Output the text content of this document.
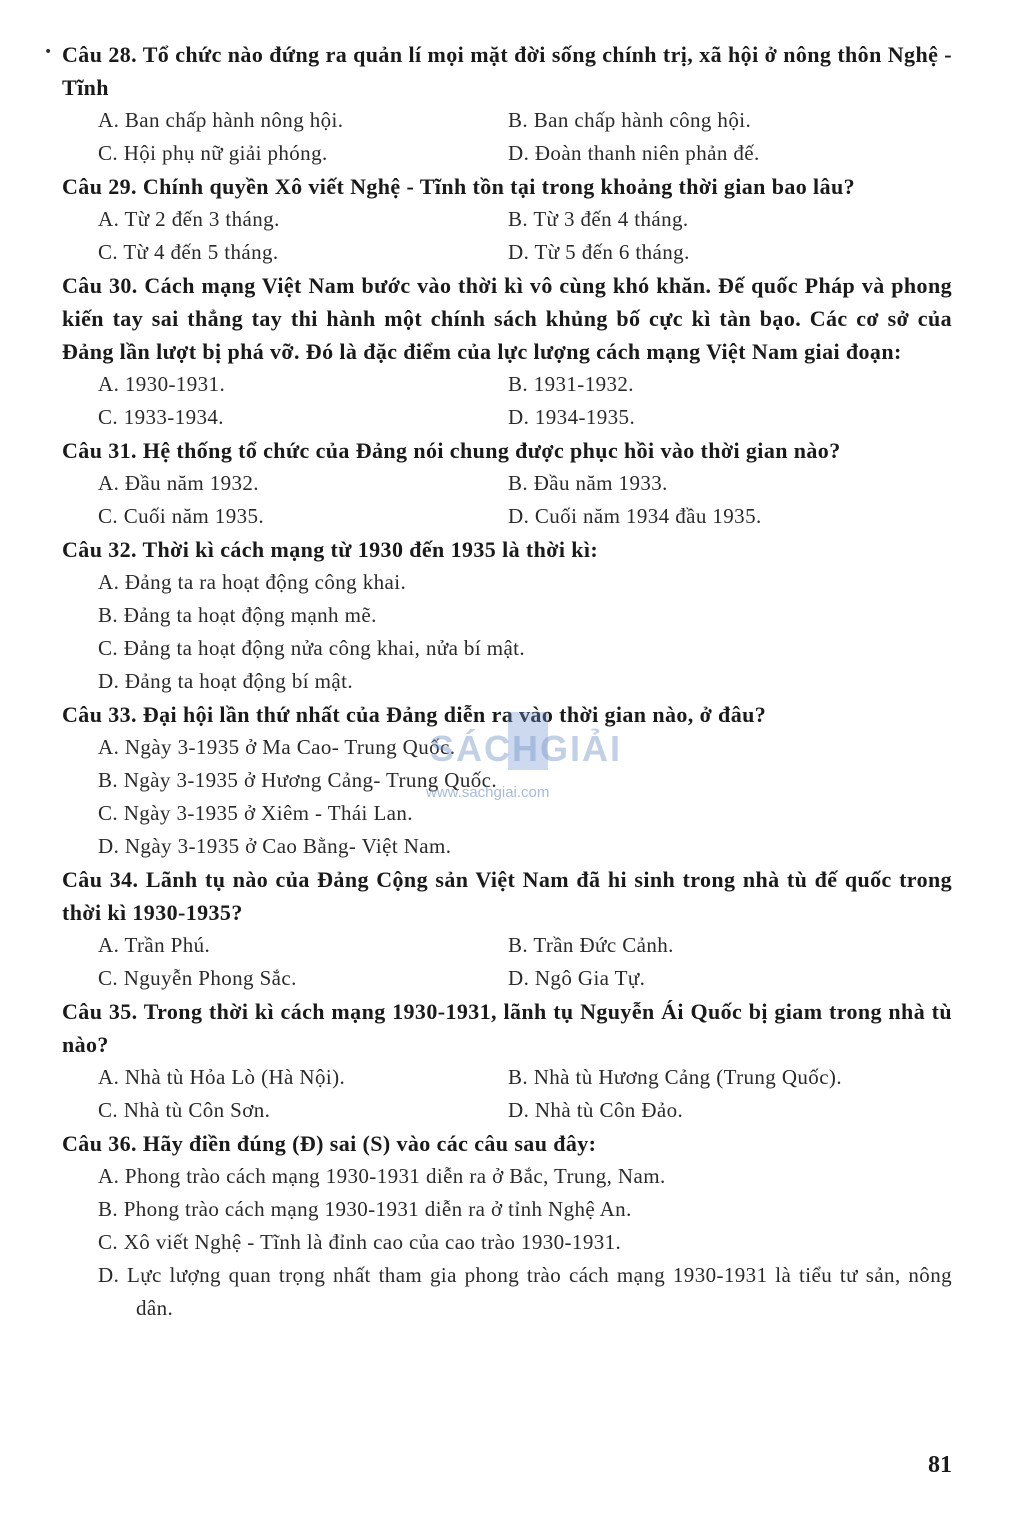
• Câu 28. Tổ chức nào đứng ra quản lí mọi mặt đời sống chính trị, xã hội ở nông thôn Nghệ - Tĩnh

A. Ban chấp hành nông hội.	B. Ban chấp hành công hội.
C. Hội phụ nữ giải phóng.	D. Đoàn thanh niên phản đế.

Câu 29. Chính quyền Xô viết Nghệ - Tĩnh tồn tại trong khoảng thời gian bao lâu?

A. Từ 2 đến 3 tháng.	B. Từ 3 đến 4 tháng.
C. Từ 4 đến 5 tháng.	D. Từ 5 đến 6 tháng.

Câu 30. Cách mạng Việt Nam bước vào thời kì vô cùng khó khăn. Đế quốc Pháp và phong kiến tay sai thẳng tay thi hành một chính sách khủng bố cực kì tàn bạo. Các cơ sở của Đảng lần lượt bị phá vỡ. Đó là đặc điểm của lực lượng cách mạng Việt Nam giai đoạn:

A. 1930-1931.	B. 1931-1932.
C. 1933-1934.	D. 1934-1935.

Câu 31. Hệ thống tổ chức của Đảng nói chung được phục hồi vào thời gian nào?

A. Đầu năm 1932.	B. Đầu năm 1933.
C. Cuối năm 1935.	D. Cuối năm 1934 đầu 1935.

Câu 32. Thời kì cách mạng từ 1930 đến 1935 là thời kì:

A. Đảng ta ra hoạt động công khai.
B. Đảng ta hoạt động mạnh mẽ.
C. Đảng ta hoạt động nửa công khai, nửa bí mật.
D. Đảng ta hoạt động bí mật.

Câu 33. Đại hội lần thứ nhất của Đảng diễn ra vào thời gian nào, ở đâu?

A. Ngày 3-1935 ở Ma Cao- Trung Quốc.
B. Ngày 3-1935 ở Hương Cảng- Trung Quốc.
C. Ngày 3-1935 ở Xiêm - Thái Lan.
D. Ngày 3-1935 ở Cao Bằng- Việt Nam.

Câu 34. Lãnh tụ nào của Đảng Cộng sản Việt Nam đã hi sinh trong nhà tù đế quốc trong thời kì 1930-1935?

A. Trần Phú.	B. Trần Đức Cảnh.
C. Nguyễn Phong Sắc.	D. Ngô Gia Tự.

Câu 35. Trong thời kì cách mạng 1930-1931, lãnh tụ Nguyễn Ái Quốc bị giam trong nhà tù nào?

A. Nhà tù Hỏa Lò (Hà Nội).	B. Nhà tù Hương Cảng (Trung Quốc).
C. Nhà tù Côn Sơn.	D. Nhà tù Côn Đảo.

Câu 36. Hãy điền đúng (Đ) sai (S) vào các câu sau đây:

A. Phong trào cách mạng 1930-1931 diễn ra ở Bắc, Trung, Nam.
B. Phong trào cách mạng 1930-1931 diễn ra ở tỉnh Nghệ An.
C. Xô viết Nghệ - Tĩnh là đỉnh cao của cao trào 1930-1931.
D. Lực lượng quan trọng nhất tham gia phong trào cách mạng 1930-1931 là tiểu tư sản, nông dân.
SÁCHGIẢI
www.sachgiai.com
81
